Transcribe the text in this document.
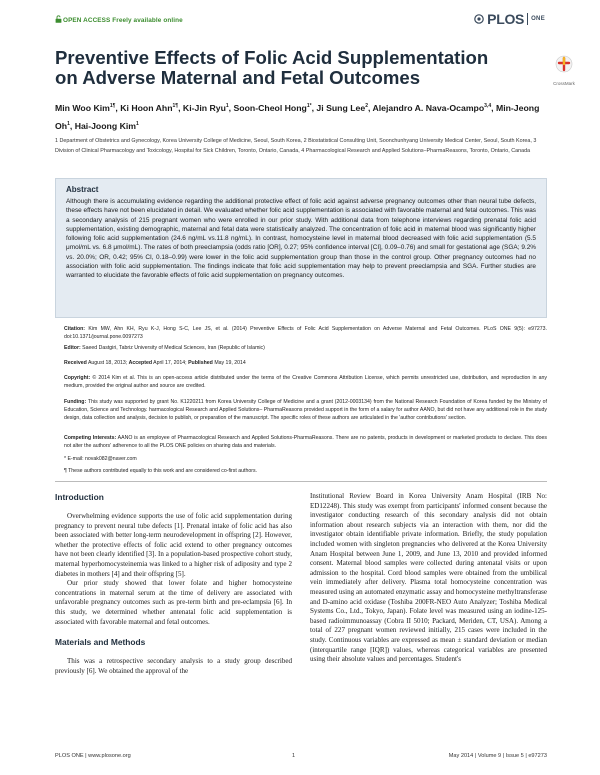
OPEN ACCESS Freely available online	PLOS ONE
Preventive Effects of Folic Acid Supplementation on Adverse Maternal and Fetal Outcomes	CrossMark
Min Woo Kim$^{1\P}$, Ki Hoon Ahn$^{1\P}$, Ki-Jin Ryu$^1$, Soon-Cheol Hong$^{1*}$, Ji Sung Lee$^2$, Alejandro A. Nava-Ocampo$^{3,4}$, Min-Jeong Oh$^1$, Hai-Joong Kim$^1$

1 Department of Obstetrics and Gynecology, Korea University College of Medicine, Seoul, South Korea, 2 Biostatistical Consulting Unit, Soonchunhyang University Medical Center, Seoul, South Korea, 3 Division of Clinical Pharmacology and Toxicology, Hospital for Sick Children, Toronto, Ontario, Canada, 4 Pharmacological Research and Applied Solutions–PharmaReasons, Toronto, Ontario, Canada

Abstract

Although there is accumulating evidence regarding the additional protective effect of folic acid against adverse pregnancy outcomes other than neural tube defects, these effects have not been elucidated in detail. We evaluated whether folic acid supplementation is associated with favorable maternal and fetal outcomes. This was a secondary analysis of 215 pregnant women who were enrolled in our prior study. With additional data from telephone interviews regarding prenatal folic acid supplementation, existing demographic, maternal and fetal data were statistically analyzed. The concentration of folic acid in maternal blood was significantly higher following folic acid supplementation (24.6 ng/mL vs.11.8 ng/mL). In contrast, homocysteine level in maternal blood decreased with folic acid supplementation (5.5 μmol/mL vs. 6.8 μmol/mL). The rates of both preeclampsia (odds ratio [OR], 0.27; 95% confidence interval [CI], 0.09–0.76) and small for gestational age (SGA; 9.2% vs. 20.0%; OR, 0.42; 95% CI, 0.18–0.99) were lower in the folic acid supplementation group than those in the control group. Other pregnancy outcomes had no association with folic acid supplementation. The findings indicate that folic acid supplementation may help to prevent preeclampsia and SGA. Further studies are warranted to elucidate the favorable effects of folic acid supplementation on pregnancy outcomes.

Citation: Kim MW, Ahn KH, Ryu K-J, Hong S-C, Lee JS, et al. (2014) Preventive Effects of Folic Acid Supplementation on Adverse Maternal and Fetal Outcomes. PLoS ONE 9(5): e97273. doi:10.1371/journal.pone.0097273

Editor: Saeed Dastgiri, Tabriz University of Medical Sciences, Iran (Republic of Islamic)

Received August 18, 2013; Accepted April 17, 2014; Published May 19, 2014

Copyright: © 2014 Kim et al. This is an open-access article distributed under the terms of the Creative Commons Attribution License, which permits unrestricted use, distribution, and reproduction in any medium, provided the original author and source are credited.

Funding: This study was supported by grant No. K1220211 from Korea University College of Medicine and a grant (2012-0003134) from the National Research Foundation of Korea funded by the Ministry of Education, Science and Technology. harmacological Research and Applied Solutions– PharmaReasons provided support in the form of a salary for author AANO, but did not have any additional role in the study design, data collection and analysis, decision to publish, or preparation of the manuscript. The specific roles of these authors are articulated in the 'author contributions' section.

Competing Interests: AANO is an employee of Pharmacological Research and Applied Solutions-PharmaReasons. There are no patents, products in development or marketed products to declare. This does not alter the authors' adherence to all the PLOS ONE policies on sharing data and materials.

* E-mail: novak082@naver.com

¶ These authors contributed equally to this work and are considered co-first authors.

Introduction

Overwhelming evidence supports the use of folic acid supplementation during pregnancy to prevent neural tube defects [1]. Prenatal intake of folic acid has also been associated with better long-term neurodevelopment in offspring [2]. However, whether the protective effects of folic acid extend to other pregnancy outcomes have not been clearly identified [3]. In a population-based prospective cohort study, maternal hyperhomocysteinemia was linked to a higher risk of adiposity and type 2 diabetes in mothers [4] and their offspring [5].

Our prior study showed that lower folate and higher homocysteine concentrations in maternal serum at the time of delivery are associated with unfavorable pregnancy outcomes such as pre-term birth and pre-eclampsia [6]. In this study, we determined whether antenatal folic acid supplementation is associated with favorable maternal and fetal outcomes.

Materials and Methods

This was a retrospective secondary analysis to a study group described previously [6]. We obtained the approval of the

Institutional Review Board in Korea University Anam Hospital (IRB No: ED12248). This study was exempt from participants' informed consent because the investigator conducting research of this secondary analysis did not obtain information about research subjects via an interaction with them, nor did the investigator obtain identifiable private information. Briefly, the study population included women with singleton pregnancies who delivered at the Korea University Anam Hospital between June 1, 2009, and June 13, 2010 and provided informed consent. Maternal blood samples were collected during antenatal visits or upon admission to the hospital. Cord blood samples were obtained from the umbilical vein immediately after delivery. Plasma total homocysteine concentration was measured using an automated enzymatic assay and homocysteine methyltransferase and D-amino acid oxidase (Toshiba 200FR-NEO Auto Analyzer; Toshiba Medical Systems Co., Ltd., Tokyo, Japan). Folate level was measured using an iodine-125-based radioimmunoassay (Cobra II 5010; Packard, Meriden, CT, USA). Among a total of 227 pregnant women reviewed initially, 215 cases were included in the study. Continuous variables are expressed as mean ± standard deviation or median (interquartile range [IQR]) values, whereas categorical variables are presented using their absolute values and percentages. Student's

PLOS ONE | www.plosone.org	1	May 2014 | Volume 9 | Issue 5 | e97273
